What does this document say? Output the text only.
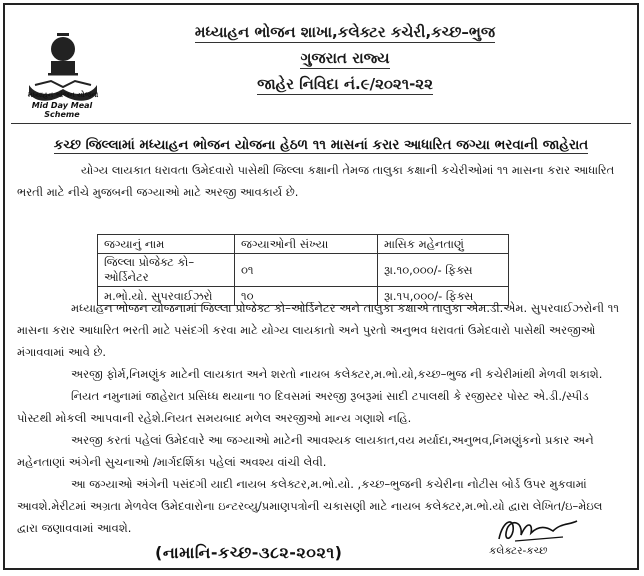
મધ્યાહન ભોજન યોજના
Mid Day Meal Scheme
મધ્યાહન ભોજન શાખા,કલેક્ટર કચેરી,કચ્છ–ભુજ
ગુજરાત રાજ્ય
જાહેર નિવિદા નં.૯/૨૦૨૧-૨૨
કચ્છ જિલ્લામાં મધ્યાહન ભોજન યોજના હેઠળ ૧૧ માસનાં કરાર આધારિત જગ્યા ભરવાની જાહેરાત
યોગ્ય લાયકાત ધરાવતા ઉમેદવારો પાસેથી જિલ્લા કક્ષાની તેમજ તાલુકા કક્ષાની કચેરીઓમાં ૧૧ માસના કરાર આધારિત ભરતી માટે નીચે મુજબની જગ્યાઓ માટે અરજી આવકાર્ય છે.
જગ્યાનું નામ	જગ્યાઓની સંખ્યા	માસિક મહેનતાણું
જિલ્લા પ્રોજેક્ટ કો–ઓર્ડિનેટર	૦૧	રૂા.૧૦,૦૦૦/- ફિક્સ
મ.ભો.યો. સુપરવાઈઝરો	૧૦	રૂા.૧૫,૦૦૦/- ફિક્સ
મધ્યાહન ભોજન યોજનામાં જિલ્લા પ્રોજેક્ટ કો–ઓર્ડિનેટર અને તાલુકા કક્ષાએ તાલુકા એમ.ડી.એમ. સુપરવાઈઝરોની ૧૧ માસના કરાર આધારિત ભરતી માટે પસંદગી કરવા માટે યોગ્ય લાયકાતો અને પુરતો અનુભવ ધરાવતાં ઉમેદવારો પાસેથી અરજીઓ મંગાવવામાં આવે છે.
અરજી ફોર્મ,નિમણુંક માટેની લાયકાત અને શરતો નાયબ કલેક્ટર,મ.ભો.યો,કચ્છ–ભુજ ની કચેરીમાંથી મેળવી શકાશે.
નિયત નમુનામાં જાહેરાત પ્રસિધ્ધ થયાના ૧૦ દિવસમાં અરજી રૂબરૂમાં સાદી ટપાલથી કે રજીસ્ટર પોસ્ટ એ.ડી./સ્પીડ પોસ્ટથી મોકલી આપવાની રહેશે.નિયત સમયબાદ મળેલ અરજીઓ માન્ય ગણાશે નહિ.
અરજી કરતાં પહેલાં ઉમેદવારે આ જગ્યાઓ માટેની આવશ્યક લાયકાત,વય મર્યાદા,અનુભવ,નિમણુંકનો પ્રકાર અને મહેનતાણાં અંગેની સુચનાઓ /માર્ગદર્શિકા પહેલાં અવશ્ય વાંચી લેવી.
આ જગ્યાઓ અંગેની પસંદગી યાદી નાયબ કલેક્ટર,મ.ભો.યો. ,કચ્છ–ભુજની કચેરીના નોટીસ બોર્ડ ઉપર મુકવામાં આવશે.મેરીટમાં અગ્રતા મેળવેલ ઉમેદવારોના ઇન્ટરવ્યુ/પ્રમાણપત્રોની ચકાસણી માટે નાયબ કલેક્ટર,મ.ભો.યો દ્વારા લેખિત/ઇ–મેઇલ દ્વારા જણાવવામાં આવશે.
(નામાનિ-કચ્છ-૩૮૨-૨૦૨૧)	કલેક્ટર-કચ્છ
